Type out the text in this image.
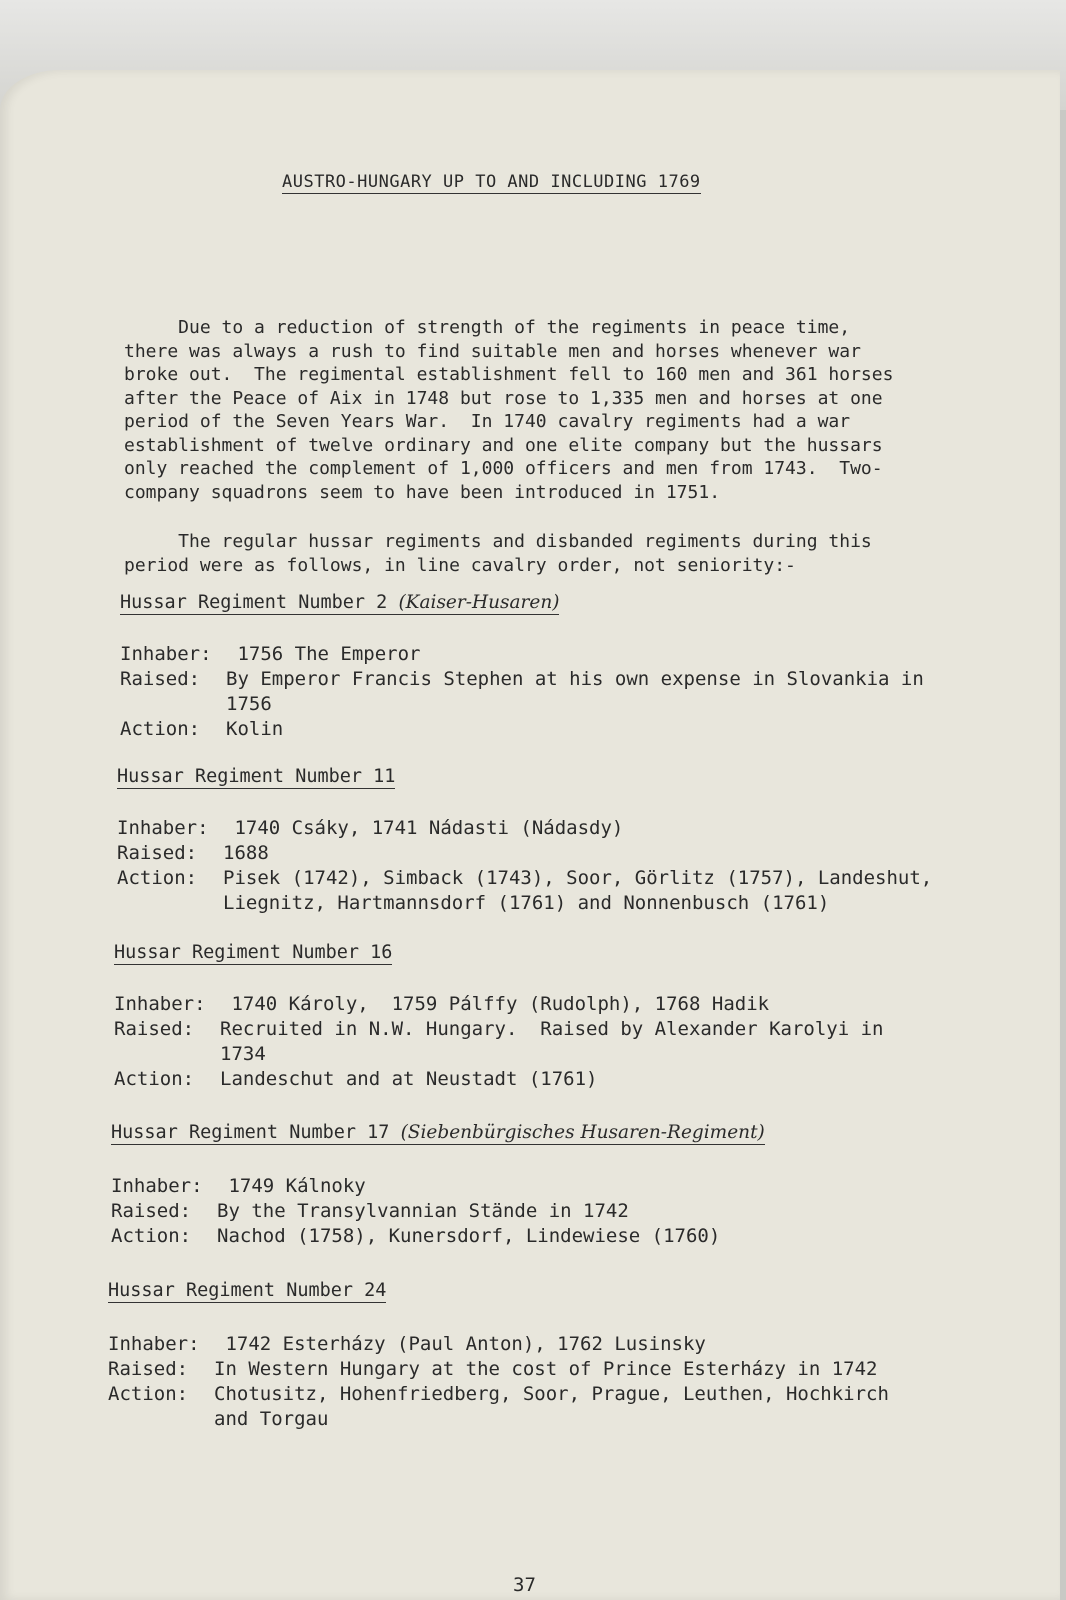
AUSTRO-HUNGARY UP TO AND INCLUDING 1769

Due to a reduction of strength of the regiments in peace time,
there was always a rush to find suitable men and horses whenever war
broke out.  The regimental establishment fell to 160 men and 361 horses
after the Peace of Aix in 1748 but rose to 1,335 men and horses at one
period of the Seven Years War.  In 1740 cavalry regiments had a war
establishment of twelve ordinary and one elite company but the hussars
only reached the complement of 1,000 officers and men from 1743.  Two-
company squadrons seem to have been introduced in 1751.

The regular hussar regiments and disbanded regiments during this
period were as follows, in line cavalry order, not seniority:-

Hussar Regiment Number 2 (Kaiser-Husaren)
Inhaber: 1756 The Emperor
Raised:	By Emperor Francis Stephen at his own expense in Slovankia in
1756
Action:	Kolin
Hussar Regiment Number 11
Inhaber: 1740 Csáky, 1741 Nádasti (Nádasdy)
Raised:	1688
Action:	Pisek (1742), Simback (1743), Soor, Görlitz (1757), Landeshut,
Liegnitz, Hartmannsdorf (1761) and Nonnenbusch (1761)
Hussar Regiment Number 16
Inhaber: 1740 Károly,  1759 Pálffy (Rudolph), 1768 Hadik
Raised:	Recruited in N.W. Hungary.  Raised by Alexander Karolyi in
1734
Action:	Landeschut and at Neustadt (1761)
Hussar Regiment Number 17 (Siebenbürgisches Husaren-Regiment)
Inhaber: 1749 Kálnoky
Raised:	By the Transylvannian Stände in 1742
Action:	Nachod (1758), Kunersdorf, Lindewiese (1760)
Hussar Regiment Number 24
Inhaber: 1742 Esterházy (Paul Anton), 1762 Lusinsky
Raised:	In Western Hungary at the cost of Prince Esterházy in 1742
Action:	Chotusitz, Hohenfriedberg, Soor, Prague, Leuthen, Hochkirch
and Torgau
37
